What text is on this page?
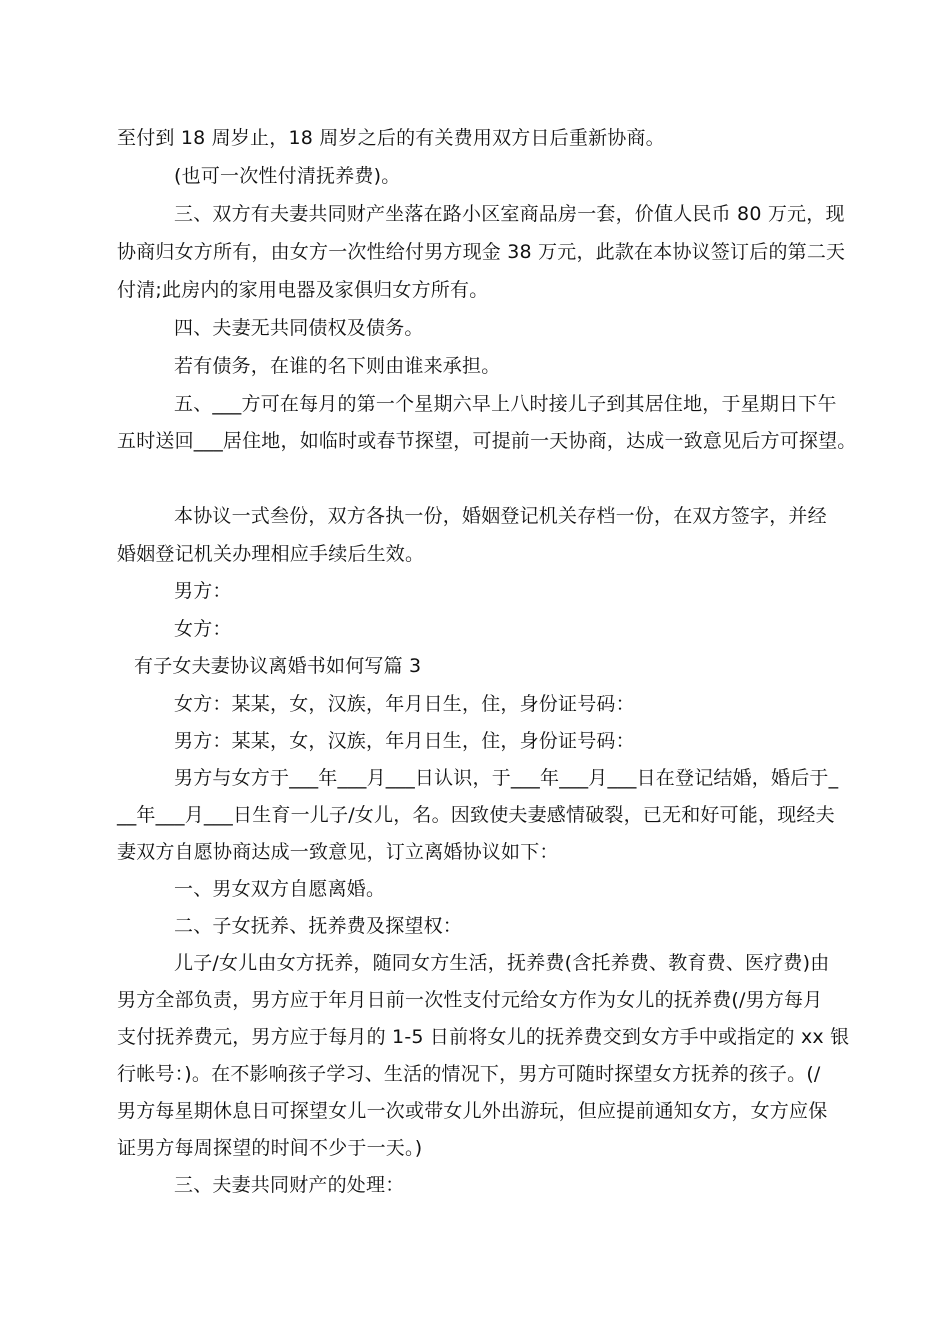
至付到 18 周岁止，18 周岁之后的有关费用双方日后重新协商。
(也可一次性付清抚养费)。
三、双方有夫妻共同财产坐落在路小区室商品房一套，价值人民币 80 万元，现
协商归女方所有，由女方一次性给付男方现金 38 万元，此款在本协议签订后的第二天
付清;此房内的家用电器及家俱归女方所有。
四、夫妻无共同债权及债务。
若有债务，在谁的名下则由谁来承担。
五、___方可在每月的第一个星期六早上八时接儿子到其居住地，于星期日下午
五时送回___居住地，如临时或春节探望，可提前一天协商，达成一致意见后方可探望。
本协议一式叁份，双方各执一份，婚姻登记机关存档一份，在双方签字，并经
婚姻登记机关办理相应手续后生效。
男方：
女方：
有子女夫妻协议离婚书如何写篇 3
女方：某某，女，汉族，年月日生，住，身份证号码：
男方：某某，女，汉族，年月日生，住，身份证号码：
男方与女方于___年___月___日认识，于___年___月___日在登记结婚，婚后于_
__年___月___日生育一儿子/女儿，名。因致使夫妻感情破裂，已无和好可能，现经夫
妻双方自愿协商达成一致意见，订立离婚协议如下：
一、男女双方自愿离婚。
二、子女抚养、抚养费及探望权：
儿子/女儿由女方抚养，随同女方生活，抚养费(含托养费、教育费、医疗费)由
男方全部负责，男方应于年月日前一次性支付元给女方作为女儿的抚养费(/男方每月
支付抚养费元，男方应于每月的 1-5 日前将女儿的抚养费交到女方手中或指定的 xx 银
行帐号：)。在不影响孩子学习、生活的情况下，男方可随时探望女方抚养的孩子。(/
男方每星期休息日可探望女儿一次或带女儿外出游玩，但应提前通知女方，女方应保
证男方每周探望的时间不少于一天。)
三、夫妻共同财产的处理：
